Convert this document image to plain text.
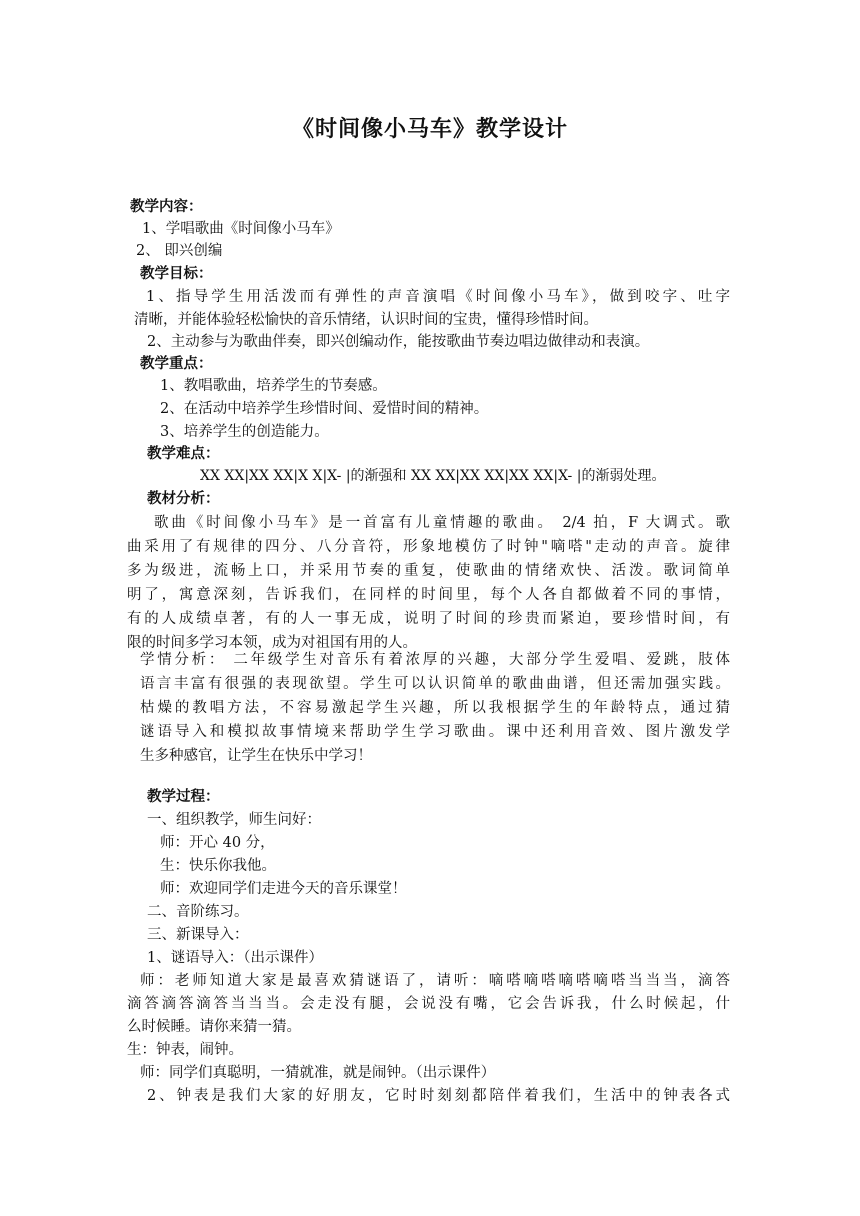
《时间像小马车》教学设计
教学内容：
1、学唱歌曲《时间像小马车》
2、 即兴创编
教学目标：
1、指导学生用活泼而有弹性的声音演唱《时间像小马车》，做到咬字、吐字
清晰，并能体验轻松愉快的音乐情绪，认识时间的宝贵，懂得珍惜时间。
2、主动参与为歌曲伴奏，即兴创编动作，能按歌曲节奏边唱边做律动和表演。
教学重点：
1、教唱歌曲，培养学生的节奏感。
2、在活动中培养学生珍惜时间、爱惜时间的精神。
3、培养学生的创造能力。
教学难点：
XX XX|XX XX|X X|X- |的渐强和 XX XX|XX XX|XX XX|X- |的渐弱处理。
教材分析：
歌曲《时间像小马车》是一首富有儿童情趣的歌曲。 2/4 拍，F 大调式。歌
曲采用了有规律的四分、八分音符，形象地模仿了时钟"嘀嗒"走动的声音。旋律
多为级进，流畅上口，并采用节奏的重复，使歌曲的情绪欢快、活泼。歌词简单
明了，寓意深刻，告诉我们，在同样的时间里，每个人各自都做着不同的事情，
有的人成绩卓著，有的人一事无成，说明了时间的珍贵而紧迫，要珍惜时间，有
限的时间多学习本领，成为对祖国有用的人。
学情分析： 二年级学生对音乐有着浓厚的兴趣，大部分学生爱唱、爱跳，肢体
语言丰富有很强的表现欲望。学生可以认识简单的歌曲曲谱，但还需加强实践。
枯燥的教唱方法，不容易激起学生兴趣，所以我根据学生的年龄特点，通过猜
谜语导入和模拟故事情境来帮助学生学习歌曲。课中还利用音效、图片激发学
生多种感官，让学生在快乐中学习！
教学过程：
一、组织教学，师生问好：
师：开心 40 分，
生：快乐你我他。
师：欢迎同学们走进今天的音乐课堂！
二、音阶练习。
三、新课导入：
1、谜语导入：（出示课件）
师：老师知道大家是最喜欢猜谜语了，请听：嘀嗒嘀嗒嘀嗒嘀嗒当当当，滴答
滴答滴答滴答当当当。会走没有腿，会说没有嘴，它会告诉我，什么时候起，什
么时候睡。请你来猜一猜。
生：钟表，闹钟。
师：同学们真聪明，一猜就准，就是闹钟。（出示课件）
2、钟表是我们大家的好朋友，它时时刻刻都陪伴着我们，生活中的钟表各式
